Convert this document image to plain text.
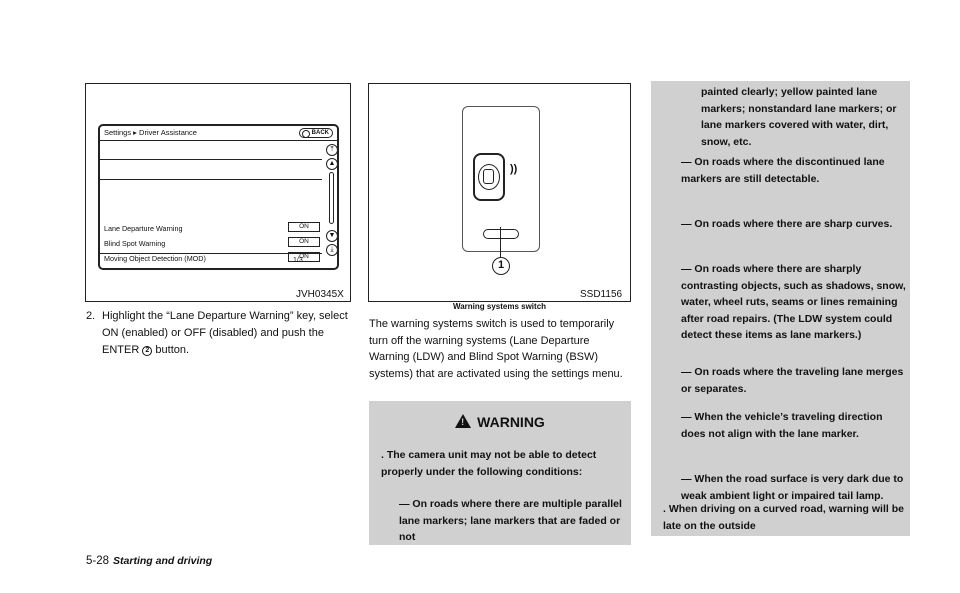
Settings ▸ Driver Assistance	BACK
Lane Departure Warning	ON
Blind Spot Warning	ON
Moving Object Detection (MOD)	ON
1/3
⤒
▲
▼
⤓
JVH0345X
2. Highlight the “Lane Departure Warning” key, select ON (enabled) or OFF (disabled) and push the ENTER 2 button.
))
1
SSD1156
Warning systems switch
The warning systems switch is used to temporarily turn off the warning systems (Lane Departure Warning (LDW) and Blind Spot Warning (BSW) systems) that are activated using the settings menu.
!WARNING
. The camera unit may not be able to detect properly under the following conditions:
— On roads where there are multiple parallel lane markers; lane markers that are faded or not
painted clearly; yellow painted lane markers; nonstandard lane markers; or lane markers covered with water, dirt, snow, etc.
— On roads where the discontinued lane markers are still detectable.
— On roads where there are sharp curves.
— On roads where there are sharply contrasting objects, such as shadows, snow, water, wheel ruts, seams or lines remaining after road repairs. (The LDW system could detect these items as lane markers.)
— On roads where the traveling lane merges or separates.
— When the vehicle’s traveling direction does not align with the lane marker.
— When the road surface is very dark due to weak ambient light or impaired tail lamp.
. When driving on a curved road, warning will be late on the outside
5-28 Starting and driving
